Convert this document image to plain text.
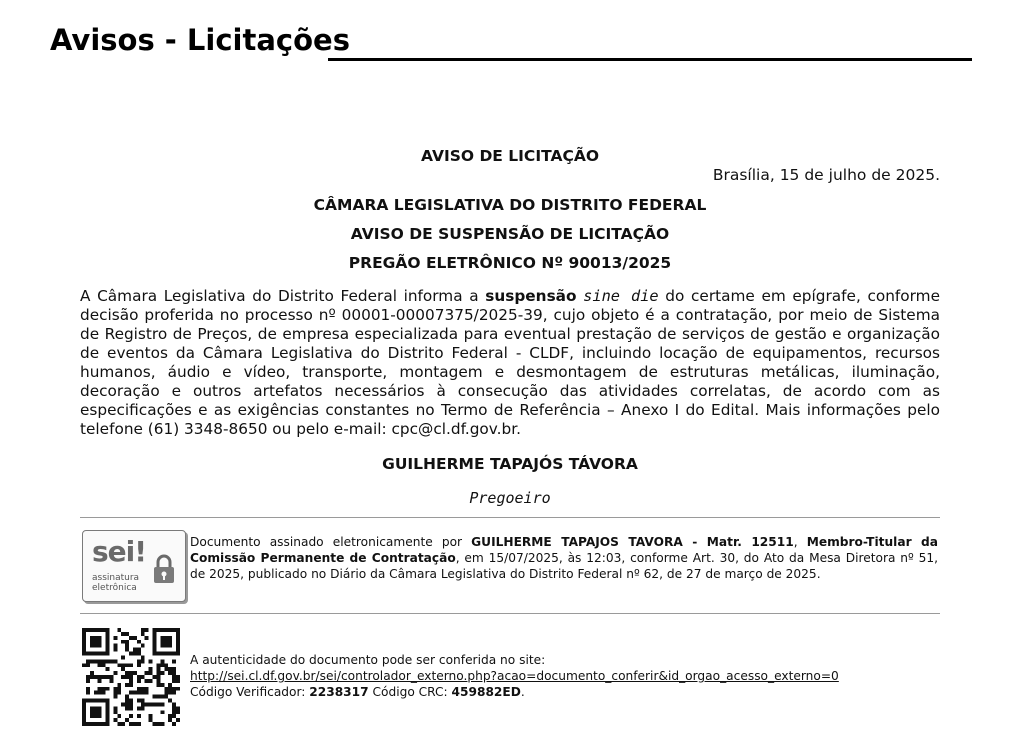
Avisos - Licitações
AVISO DE LICITAÇÃO
Brasília, 15 de julho de 2025.
CÂMARA LEGISLATIVA DO DISTRITO FEDERAL
AVISO DE SUSPENSÃO DE LICITAÇÃO
PREGÃO ELETRÔNICO Nº 90013/2025
A Câmara Legislativa do Distrito Federal informa a suspensão sine die do certame em epígrafe, conforme decisão proferida no processo nº 00001-00007375/2025-39, cujo objeto é a contratação, por meio de Sistema de Registro de Preços, de empresa especializada para eventual prestação de serviços de gestão e organização de eventos da Câmara Legislativa do Distrito Federal - CLDF, incluindo locação de equipamentos, recursos humanos, áudio e vídeo, transporte, montagem e desmontagem de estruturas metálicas, iluminação, decoração e outros artefatos necessários à consecução das atividades correlatas, de acordo com as especificações e as exigências constantes no Termo de Referência – Anexo I do Edital. Mais informações pelo telefone (61) 3348-8650 ou pelo e-mail: cpc@cl.df.gov.br.
GUILHERME TAPAJÓS TÁVORA
Pregoeiro
sei!
assinatura
eletrônica
Documento assinado eletronicamente por GUILHERME TAPAJOS TAVORA - Matr. 12511, Membro-Titular da Comissão Permanente de Contratação, em 15/07/2025, às 12:03, conforme Art. 30, do Ato da Mesa Diretora nº 51, de 2025, publicado no Diário da Câmara Legislativa do Distrito Federal nº 62, de 27 de março de 2025.
A autenticidade do documento pode ser conferida no site:
http://sei.cl.df.gov.br/sei/controlador_externo.php?acao=documento_conferir&id_orgao_acesso_externo=0
Código Verificador: 2238317 Código CRC: 459882ED.
